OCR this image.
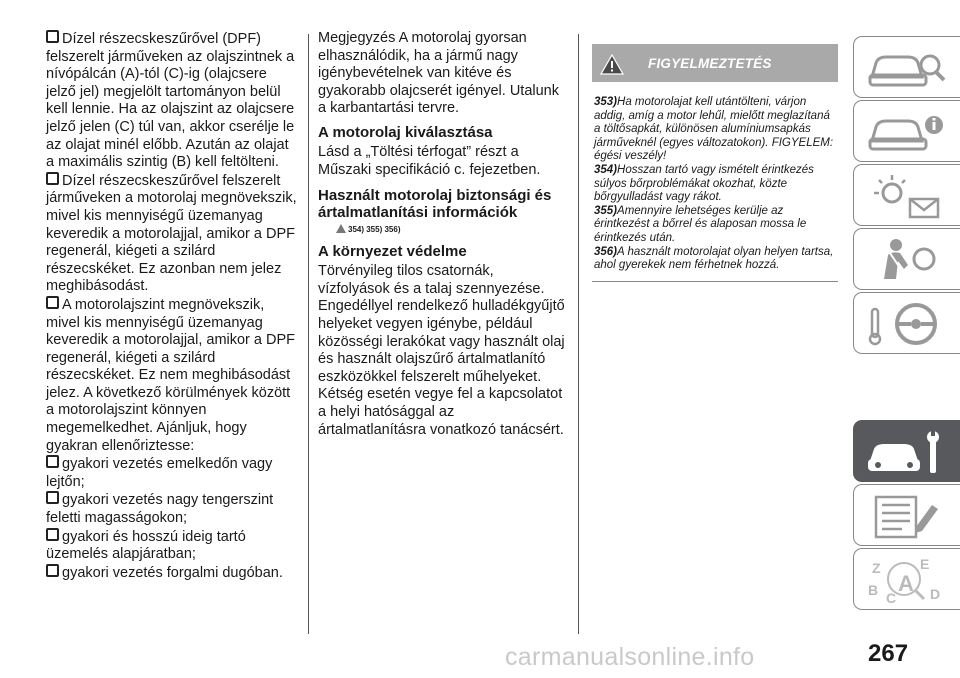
Dízel részecskeszűrővel (DPF) felszerelt járműveken az olajszintnek a nívópálcán (A)-tól (C)-ig (olajcsere jelző jel) megjelölt tartományon belül kell lennie. Ha az olajszint az olajcsere jelző jelen (C) túl van, akkor cserélje le az olajat minél előbb. Azután az olajat a maximális szintig (B) kell feltölteni.

Dízel részecskeszűrővel felszerelt járműveken a motorolaj megnövekszik, mivel kis mennyiségű üzemanyag keveredik a motorolajjal, amikor a DPF regenerál, kiégeti a szilárd részecskéket. Ez azonban nem jelez meghibásodást.

A motorolajszint megnövekszik, mivel kis mennyiségű üzemanyag keveredik a motorolajjal, amikor a DPF regenerál, kiégeti a szilárd részecskéket. Ez nem meghibásodást jelez. A következő körülmények között a motorolajszint könnyen megemelkedhet. Ajánljuk, hogy gyakran ellenőriztesse:

gyakori vezetés emelkedőn vagy lejtőn;

gyakori vezetés nagy tengerszint feletti magasságokon;

gyakori és hosszú ideig tartó üzemelés alapjáratban;

gyakori vezetés forgalmi dugóban.

Megjegyzés A motorolaj gyorsan elhasználódik, ha a jármű nagy igénybevételnek van kitéve és gyakorabb olajcserét igényel. Utalunk a karbantartási tervre.

A motorolaj kiválasztása

Lásd a „Töltési térfogat” részt a Műszaki specifikáció c. fejezetben.

Használt motorolaj biztonsági és ártalmatlanítási információk
354) 355) 356)
A környezet védelme

Törvényileg tilos csatornák, vízfolyások és a talaj szennyezése. Engedéllyel rendelkező hulladékgyűjtő helyeket vegyen igénybe, például közösségi lerakókat vagy használt olaj és használt olajszűrő ártalmatlanító eszközökkel felszerelt műhelyeket. Kétség esetén vegye fel a kapcsolatot a helyi hatósággal az ártalmatlanításra vonatkozó tanácsért.

FIGYELMEZTETÉS

353)Ha motorolajat kell utántölteni, várjon addig, amíg a motor lehűl, mielőtt meglazítaná a töltősapkát, különösen alumíniumsapkás járműveknél (egyes változatokon). FIGYELEM: égési veszély!

354)Hosszan tartó vagy ismételt érintkezés súlyos bőrproblémákat okozhat, közte bőrgyulladást vagy rákot.

355)Amennyire lehetséges kerülje az érintkezést a bőrrel és alaposan mossa le érintkezés után.

356)A használt motorolajat olyan helyen tartsa, ahol gyerekek nem férhetnek hozzá.

Z	E
B C D
A
267
carmanualsonline.info
